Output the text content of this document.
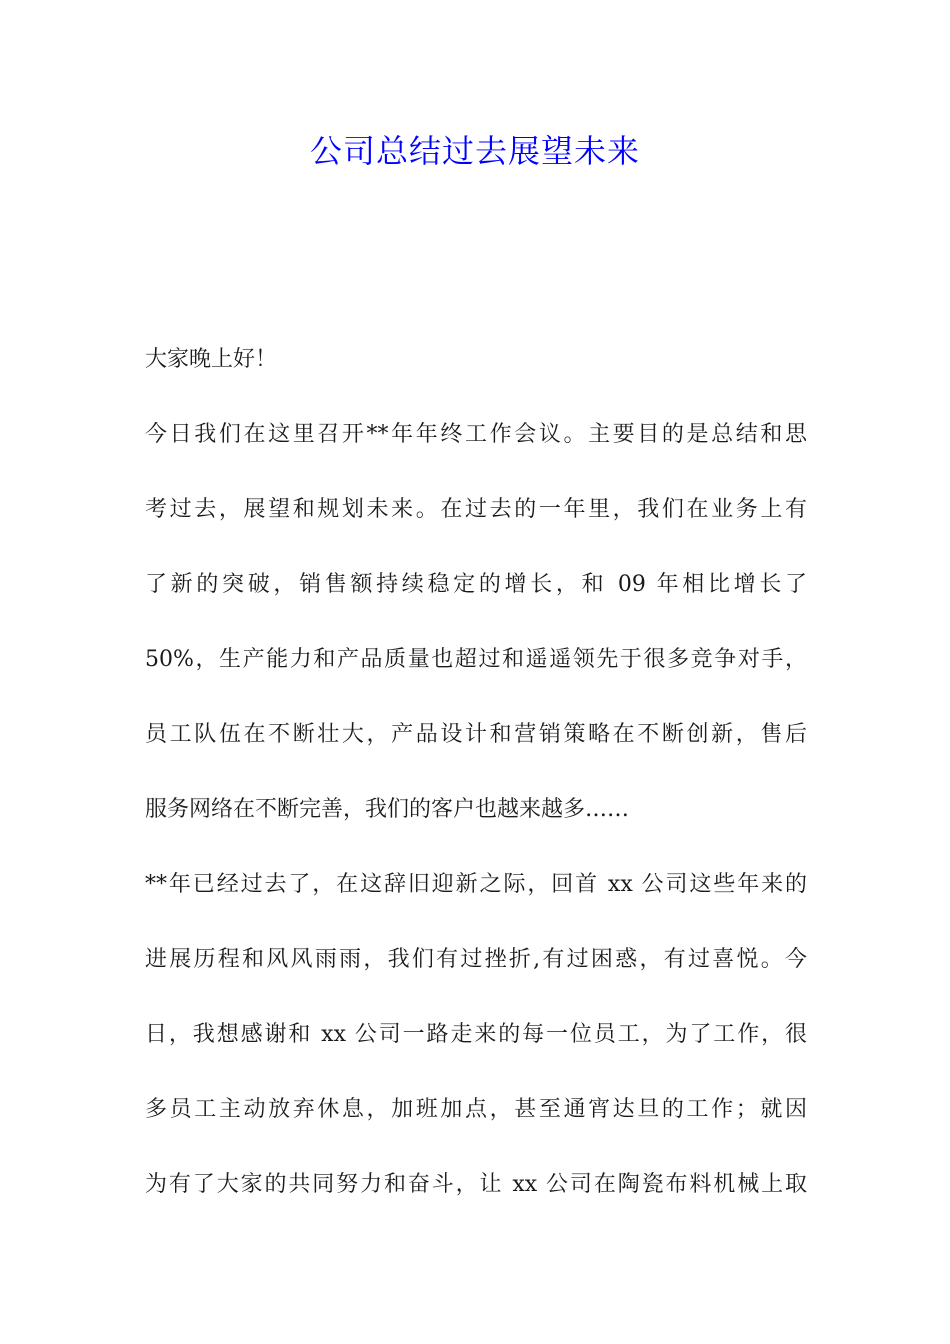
公司总结过去展望未来
大家晚上好！
今日我们在这里召开**年年终工作会议。主要目的是总结和思
考过去，展望和规划未来。在过去的一年里，我们在业务上有
了新的突破，销售额持续稳定的增长，和 09 年相比增长了
50%，生产能力和产品质量也超过和遥遥领先于很多竞争对手，
员工队伍在不断壮大，产品设计和营销策略在不断创新，售后
服务网络在不断完善，我们的客户也越来越多……
**年已经过去了，在这辞旧迎新之际，回首 xx 公司这些年来的
进展历程和风风雨雨，我们有过挫折,有过困惑，有过喜悦。今
日，我想感谢和 xx 公司一路走来的每一位员工，为了工作，很
多员工主动放弃休息，加班加点，甚至通宵达旦的工作；就因
为有了大家的共同努力和奋斗，让 xx 公司在陶瓷布料机械上取
